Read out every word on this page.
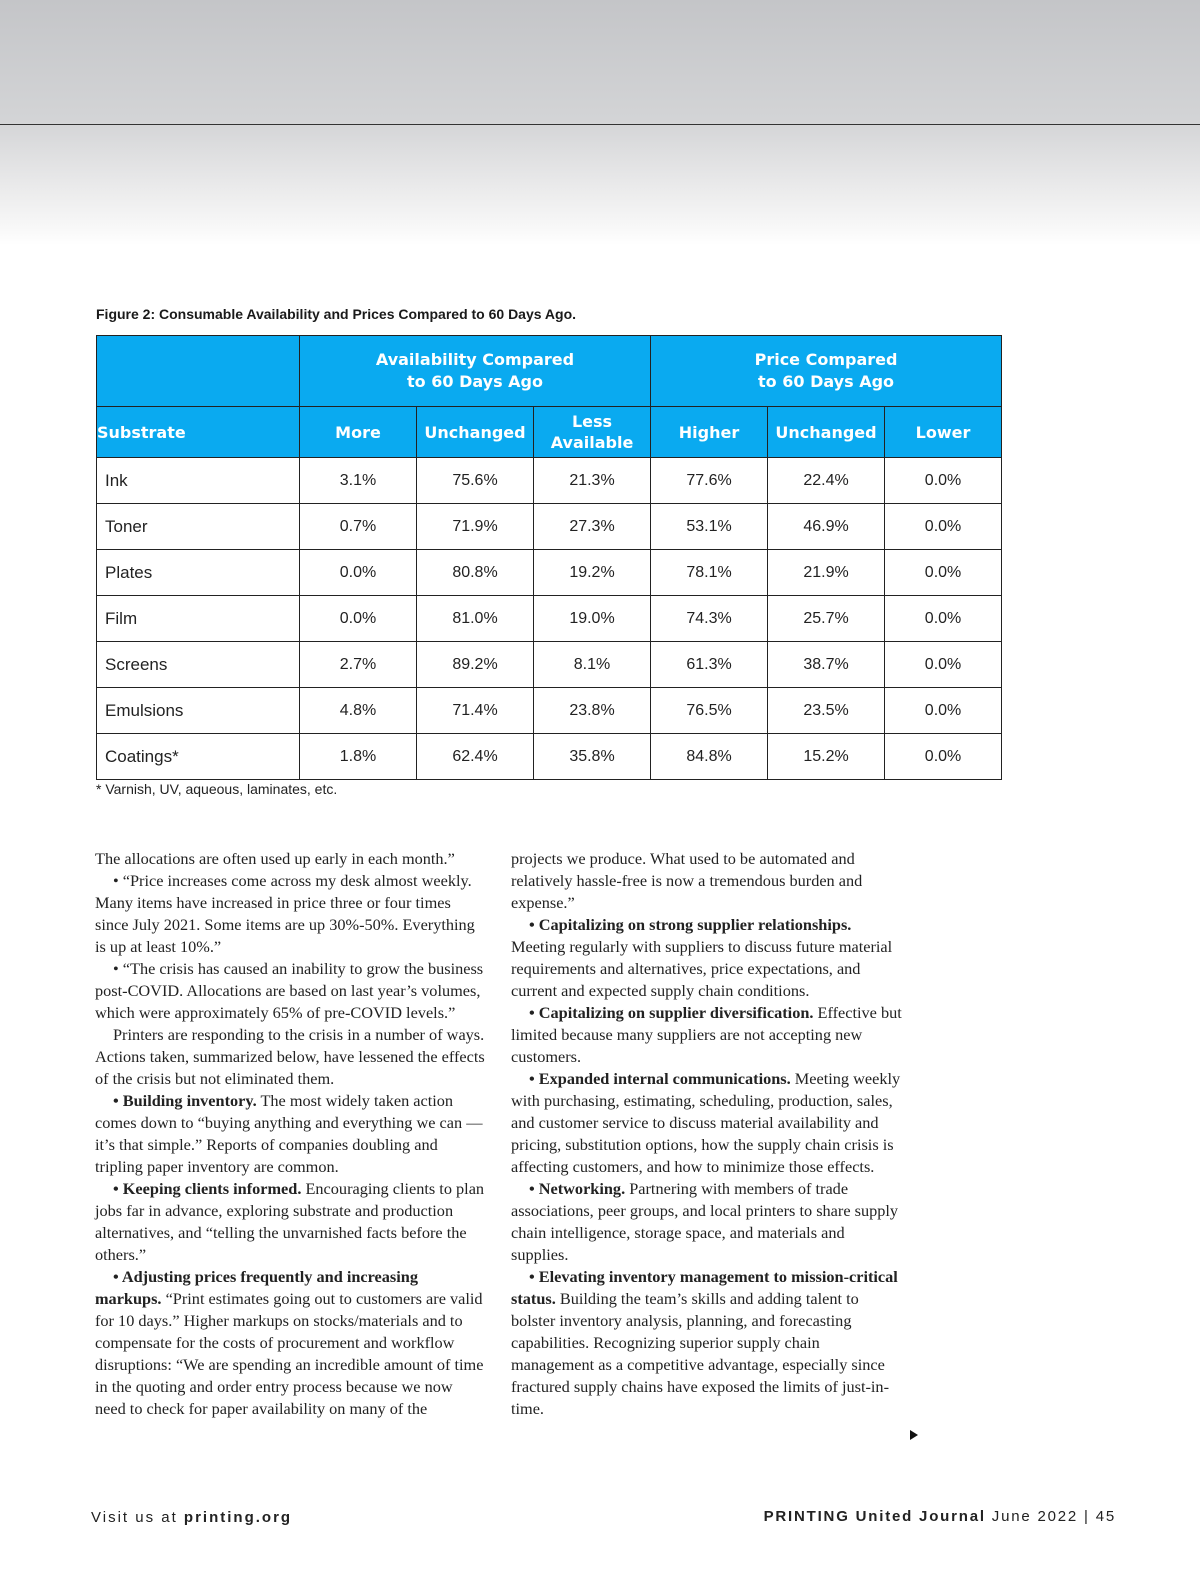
Figure 2: Consumable Availability and Prices Compared to 60 Days Ago.
	Availability Compared to 60 Days Ago			Price Compared to 60 Days Ago		
Substrate	More	Unchanged	Less Available	Higher	Unchanged	Lower
Ink	3.1%	75.6%	21.3%	77.6%	22.4%	0.0%
Toner	0.7%	71.9%	27.3%	53.1%	46.9%	0.0%
Plates	0.0%	80.8%	19.2%	78.1%	21.9%	0.0%
Film	0.0%	81.0%	19.0%	74.3%	25.7%	0.0%
Screens	2.7%	89.2%	8.1%	61.3%	38.7%	0.0%
Emulsions	4.8%	71.4%	23.8%	76.5%	23.5%	0.0%
Coatings*	1.8%	62.4%	35.8%	84.8%	15.2%	0.0%
* Varnish, UV, aqueous, laminates, etc.

The allocations are often used up early in each month.”

• “Price increases come across my desk almost weekly. Many items have increased in price three or four times since July 2021. Some items are up 30%-50%. Everything is up at least 10%.”

• “The crisis has caused an inability to grow the business post-COVID. Allocations are based on last year’s volumes, which were approximately 65% of pre-COVID levels.”

Printers are responding to the crisis in a number of ways. Actions taken, summarized below, have lessened the effects of the crisis but not eliminated them.

• Building inventory. The most widely taken action comes down to “buying anything and everything we can — it’s that simple.” Reports of companies doubling and tripling paper inventory are common.

• Keeping clients informed. Encouraging clients to plan jobs far in advance, exploring substrate and production alternatives, and “telling the unvarnished facts before the others.”

• Adjusting prices frequently and increasing markups. “Print estimates going out to customers are valid for 10 days.” Higher markups on stocks/materials and to compensate for the costs of procurement and workflow disruptions: “We are spending an incredible amount of time in the quoting and order entry process because we now need to check for paper availability on many of the

projects we produce. What used to be automated and relatively hassle-free is now a tremendous burden and expense.”

• Capitalizing on strong supplier relationships. Meeting regularly with suppliers to discuss future material requirements and alternatives, price expectations, and current and expected supply chain conditions.

• Capitalizing on supplier diversification. Effective but limited because many suppliers are not accepting new customers.

• Expanded internal communications. Meeting weekly with purchasing, estimating, scheduling, production, sales, and customer service to discuss material availability and pricing, substitution options, how the supply chain crisis is affecting customers, and how to minimize those effects.

• Networking. Partnering with members of trade associations, peer groups, and local printers to share supply chain intelligence, storage space, and materials and supplies.

• Elevating inventory management to mission-critical status. Building the team’s skills and adding talent to bolster inventory analysis, planning, and forecasting capabilities. Recognizing superior supply chain management as a competitive advantage, especially since fractured supply chains have exposed the limits of just-in-time.

Visit us at printing.org	PRINTING United Journal June 2022 | 45
